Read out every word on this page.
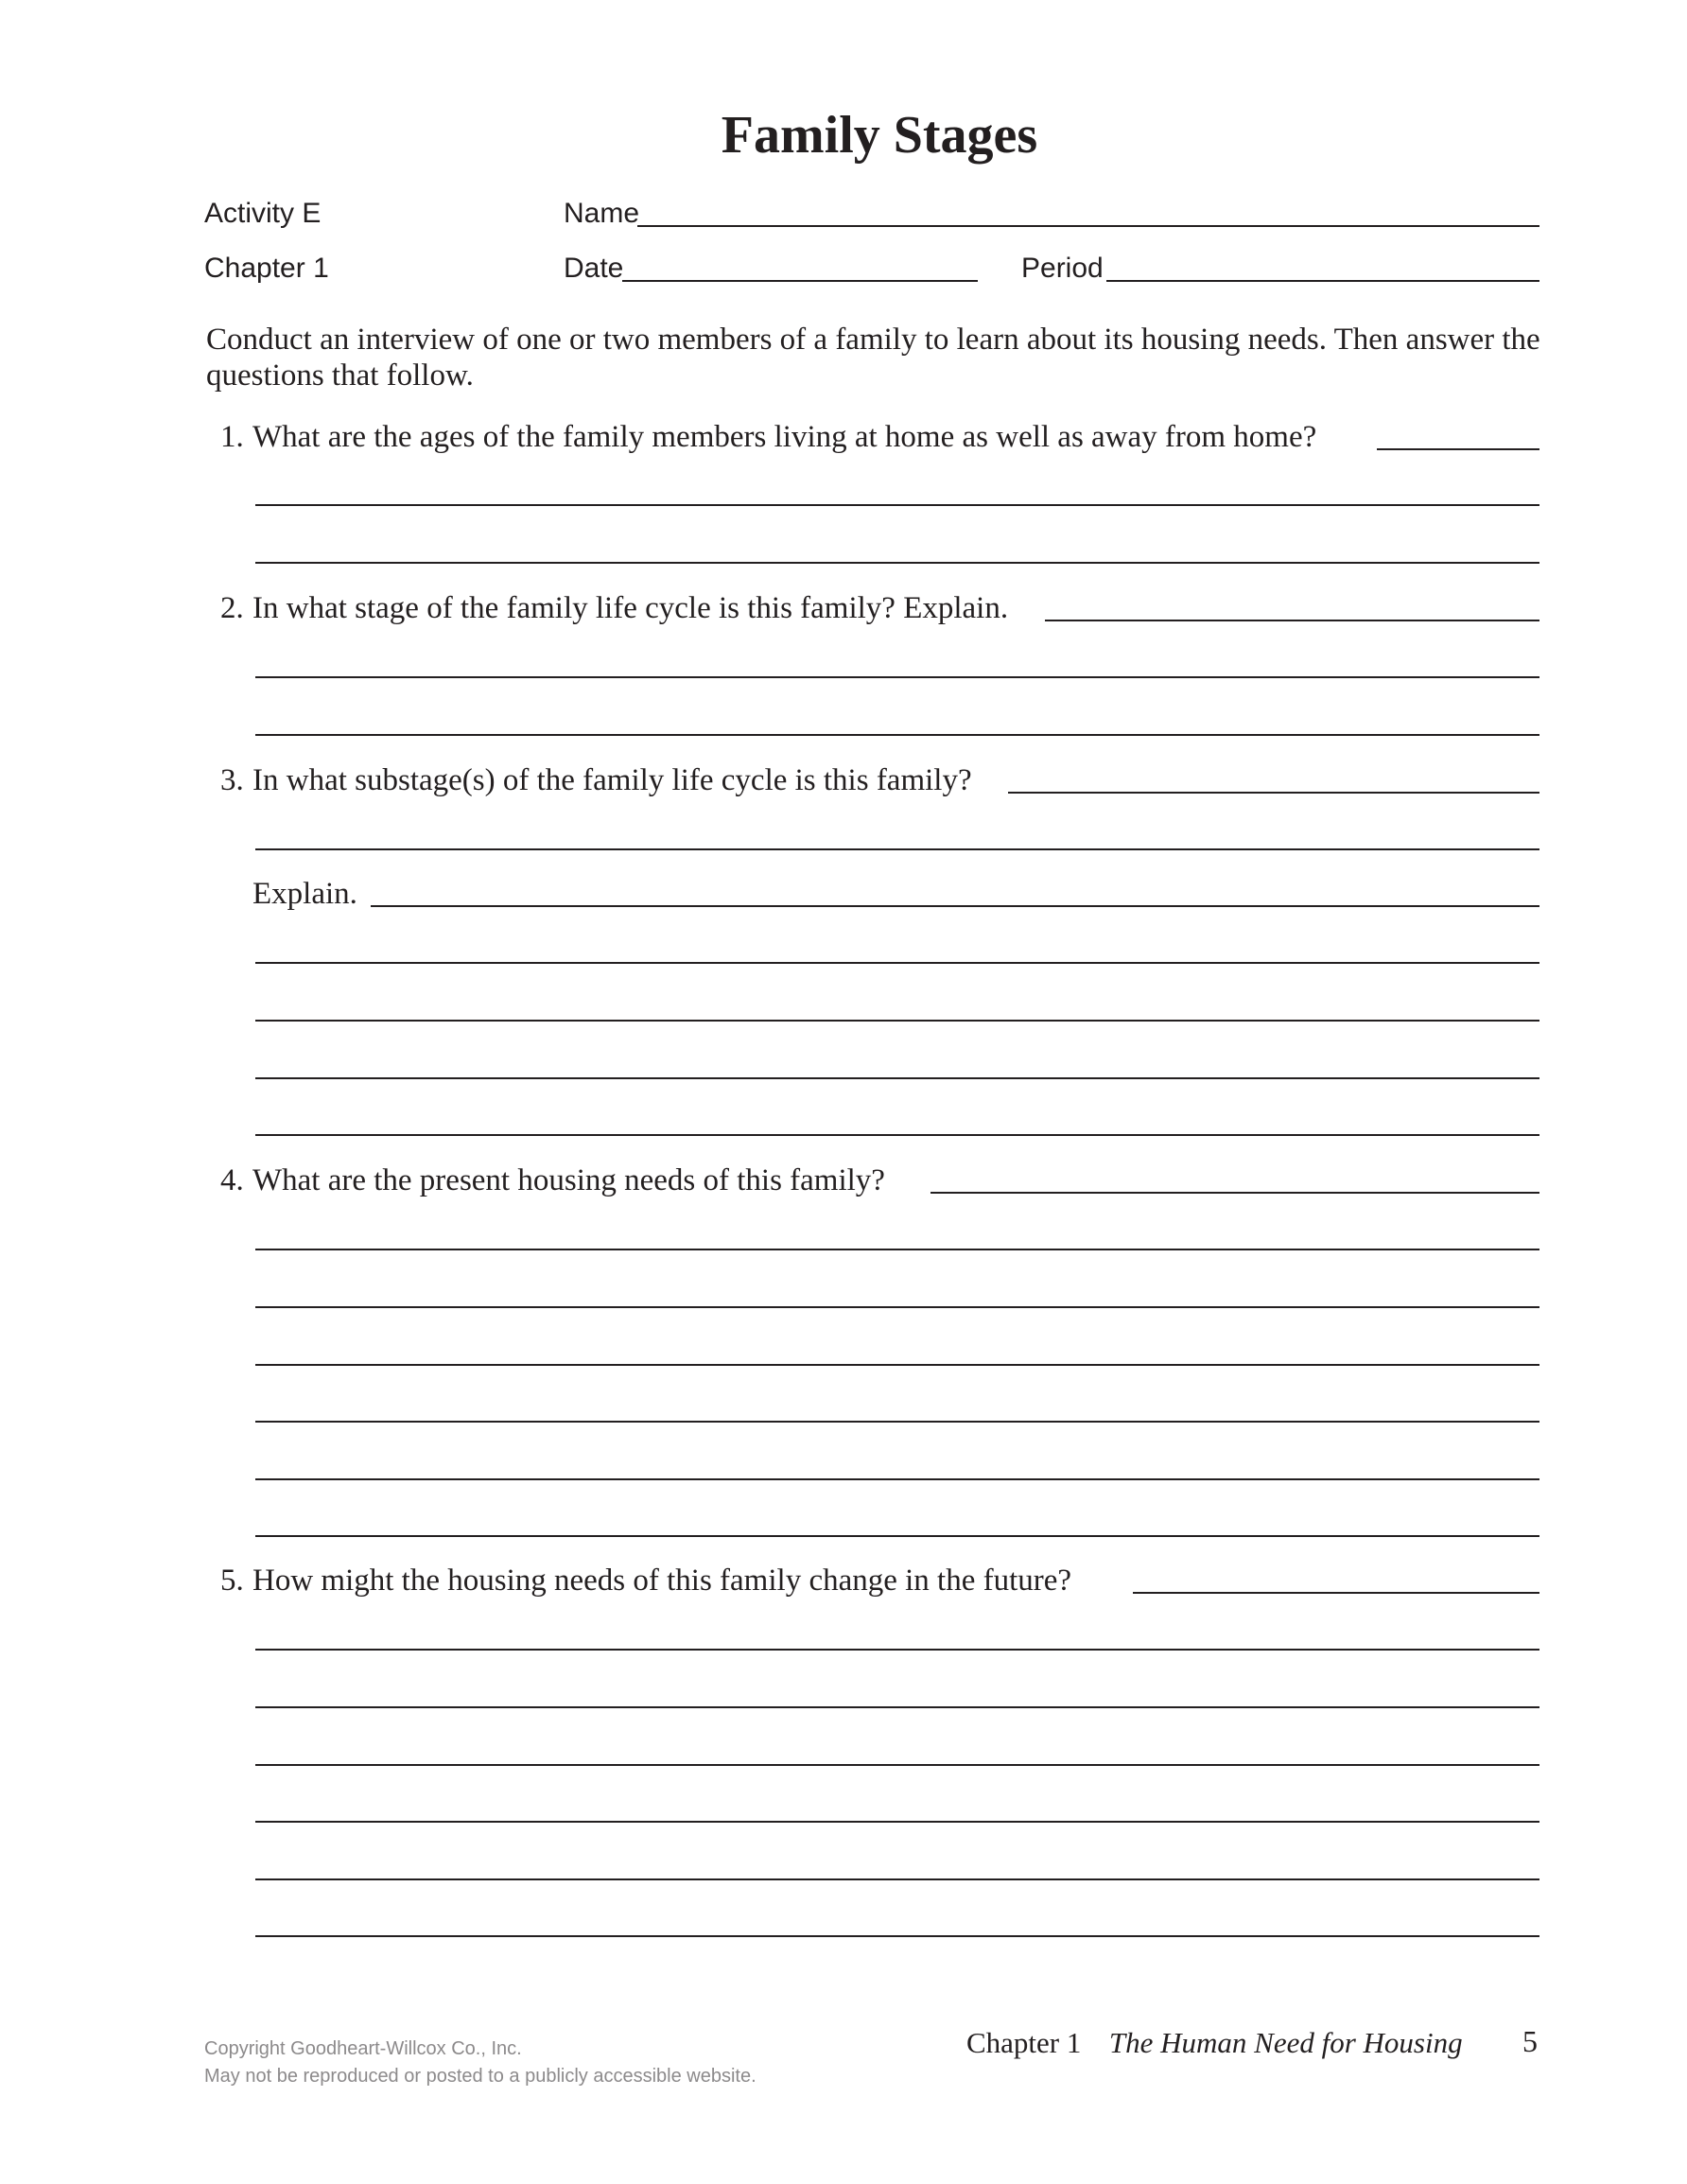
Family Stages
Activity E	Name
Chapter 1	Date	Period
Conduct an interview of one or two members of a family to learn about its housing needs. Then answer the questions that follow.
1. What are the ages of the family members living at home as well as away from home?
2. In what stage of the family life cycle is this family? Explain.
3. In what substage(s) of the family life cycle is this family?
Explain.
4. What are the present housing needs of this family?
5. How might the housing needs of this family change in the future?
Copyright Goodheart-Willcox Co., Inc.
May not be reproduced or posted to a publicly accessible website.
Chapter 1 The Human Need for Housing 5
